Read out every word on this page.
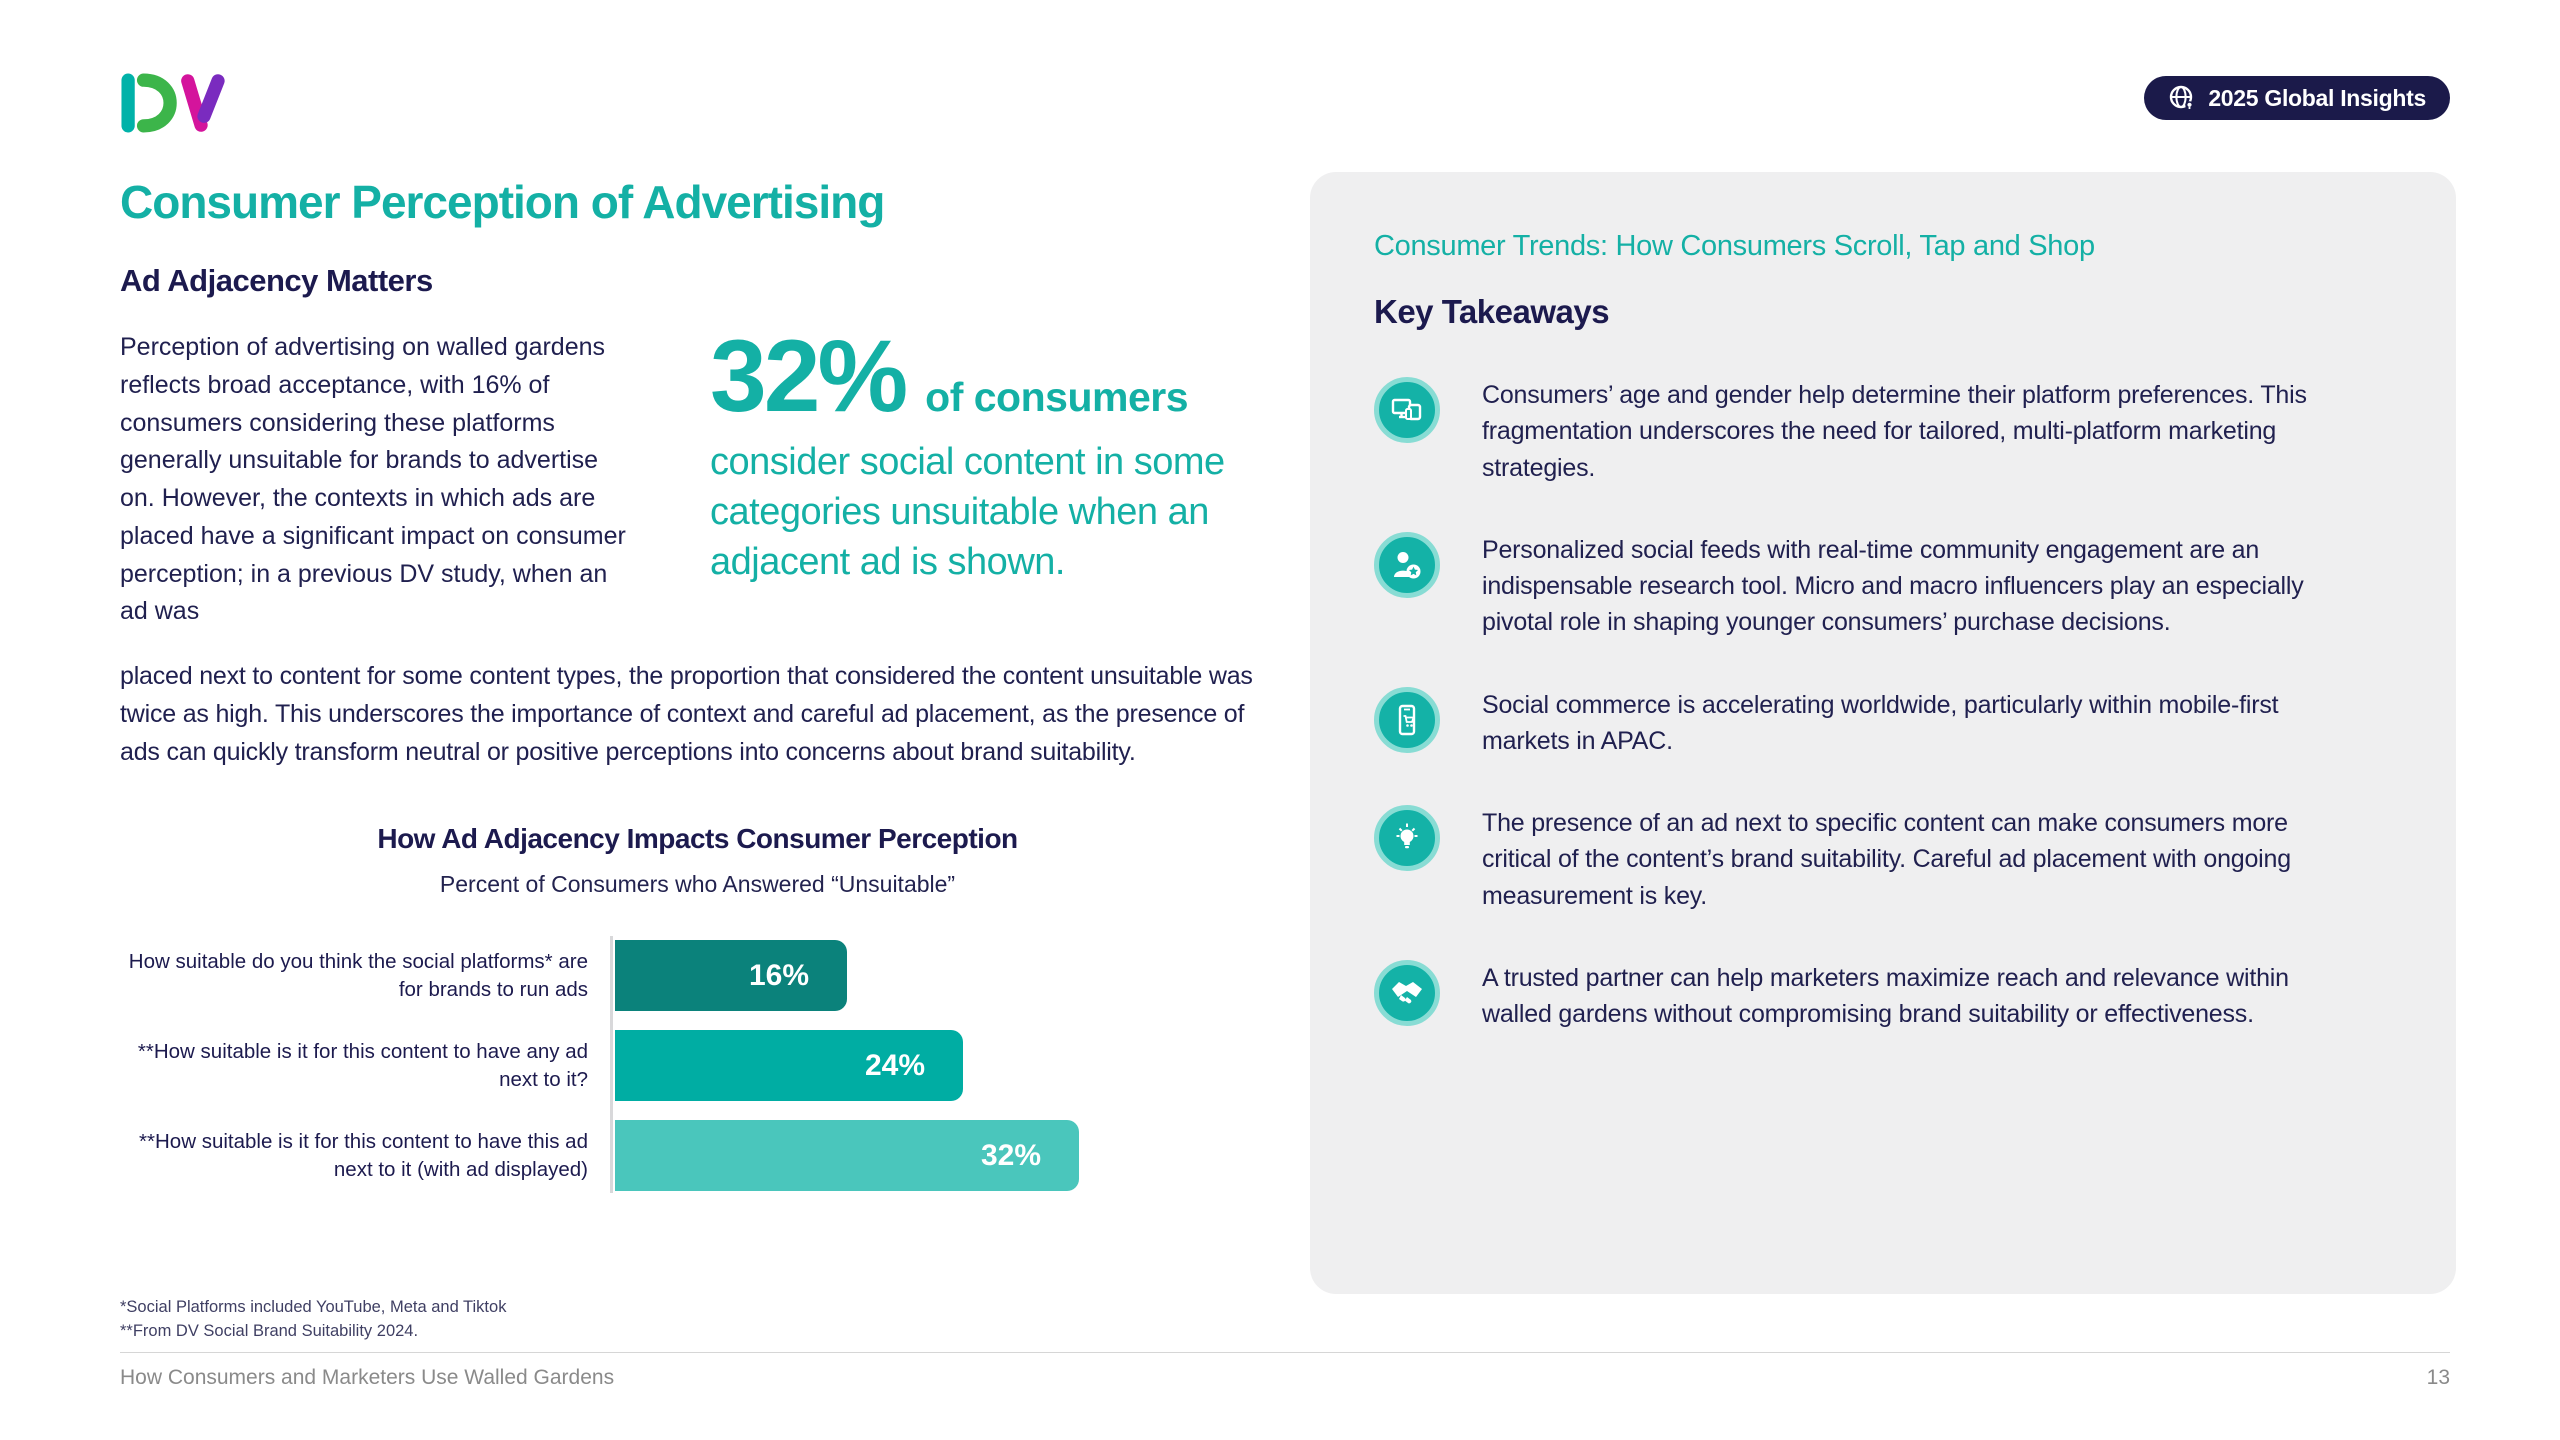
2025 Global Insights
Consumer Perception of Advertising
Ad Adjacency Matters
Perception of advertising on walled gardens reflects broad acceptance, with 16% of consumers considering these platforms generally unsuitable for brands to advertise on. However, the contexts in which ads are placed have a significant impact on consumer perception; in a previous DV study, when an ad was
32% of consumers
consider social content in some categories unsuitable when an adjacent ad is shown.
placed next to content for some content types, the proportion that considered the content unsuitable was twice as high. This underscores the importance of context and careful ad placement, as the presence of ads can quickly transform neutral or positive perceptions into concerns about brand suitability.
How Ad Adjacency Impacts Consumer Perception
Percent of Consumers who Answered “Unsuitable”
How suitable do you think the social platforms* are for brands to run ads	16%
**How suitable is it for this content to have any ad next to it?	24%
**How suitable is it for this content to have this ad next to it (with ad displayed)	32%
*Social Platforms included YouTube, Meta and Tiktok
**From DV Social Brand Suitability 2024.
Consumer Trends: How Consumers Scroll, Tap and Shop
Key Takeaways
Consumers’ age and gender help determine their platform preferences. This fragmentation underscores the need for tailored, multi-platform marketing strategies.
Personalized social feeds with real-time community engagement are an indispensable research tool. Micro and macro influencers play an especially pivotal role in shaping younger consumers’ purchase decisions.
Social commerce is accelerating worldwide, particularly within mobile-first markets in APAC.
The presence of an ad next to specific content can make consumers more critical of the content’s brand suitability. Careful ad placement with ongoing measurement is key.
A trusted partner can help marketers maximize reach and relevance within walled gardens without compromising brand suitability or effectiveness.
How Consumers and Marketers Use Walled Gardens	13
